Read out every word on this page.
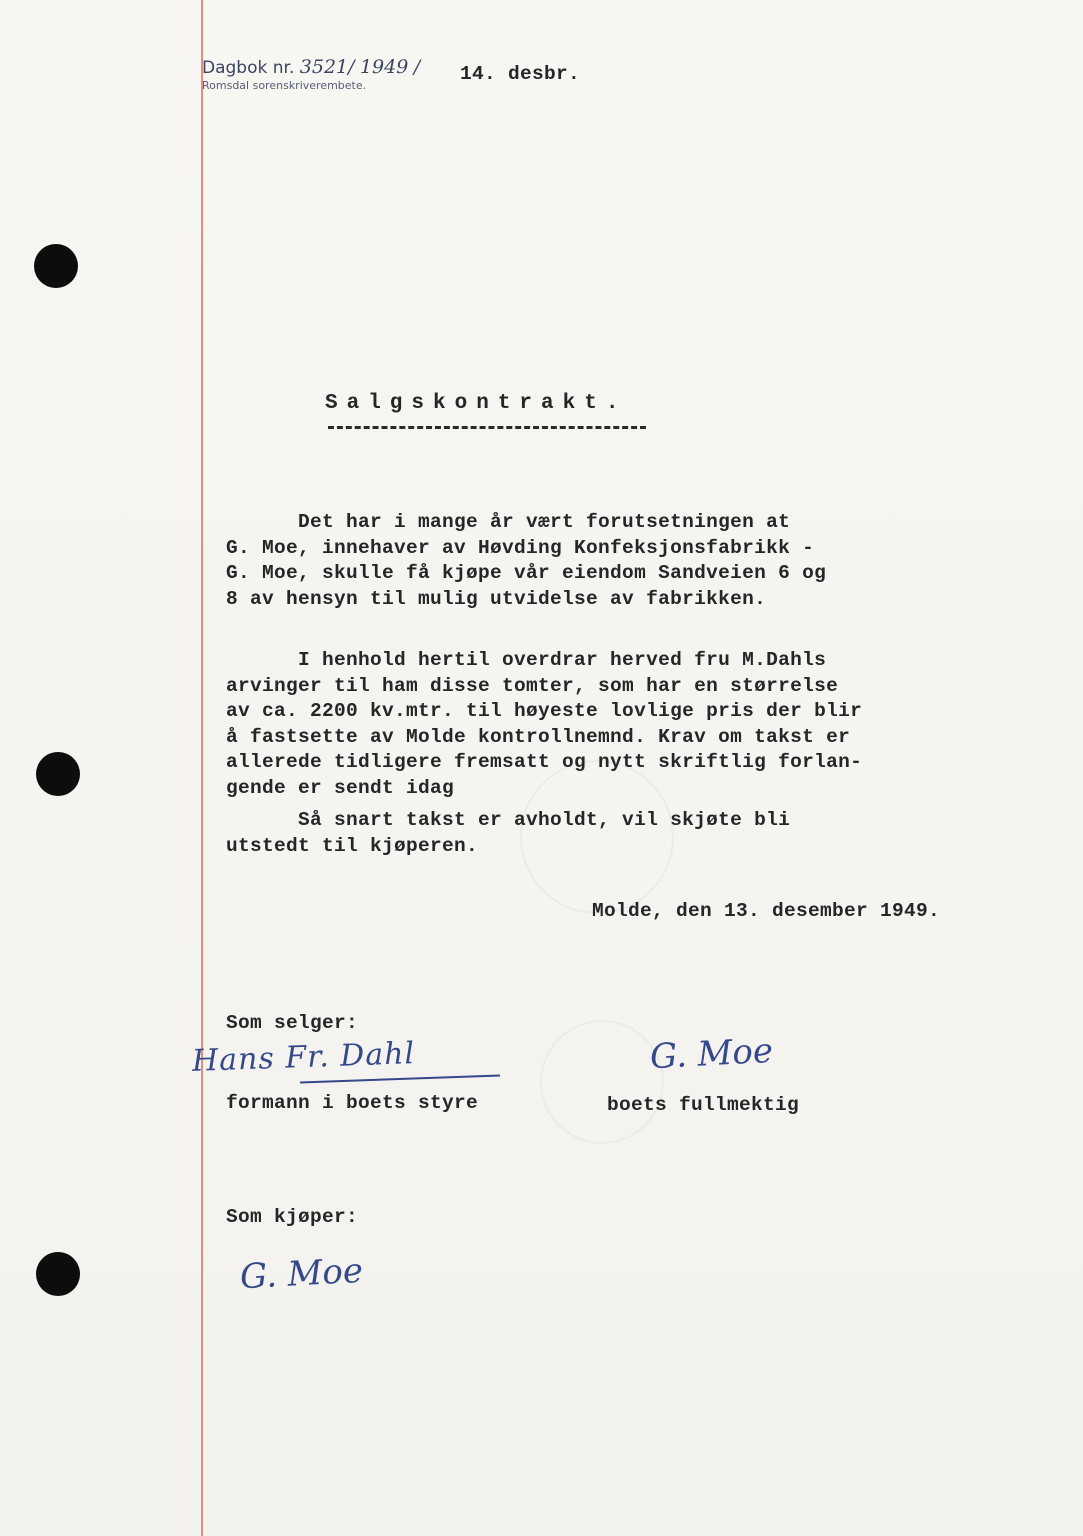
Dagbok nr. 3521/ 1949 /
Romsdal sorenskriverembete.
14. desbr.
Salgskontrakt.
Det har i mange år vært forutsetningen at
G. Moe, innehaver av Høvding Konfeksjonsfabrikk -
G. Moe, skulle få kjøpe vår eiendom Sandveien 6 og
8 av hensyn til mulig utvidelse av fabrikken.
I henhold hertil overdrar herved fru M.Dahls
arvinger til ham disse tomter, som har en størrelse
av ca. 2200 kv.mtr. til høyeste lovlige pris der blir
å fastsette av Molde kontrollnemnd. Krav om takst er
allerede tidligere fremsatt og nytt skriftlig forlan-
gende er sendt idag
Så snart takst er avholdt, vil skjøte bli
utstedt til kjøperen.
Molde, den 13. desember 1949.
Som selger:
Hans Fr. Dahl	G. Moe
formann i boets styre	boets fullmektig
Som kjøper:
G. Moe
